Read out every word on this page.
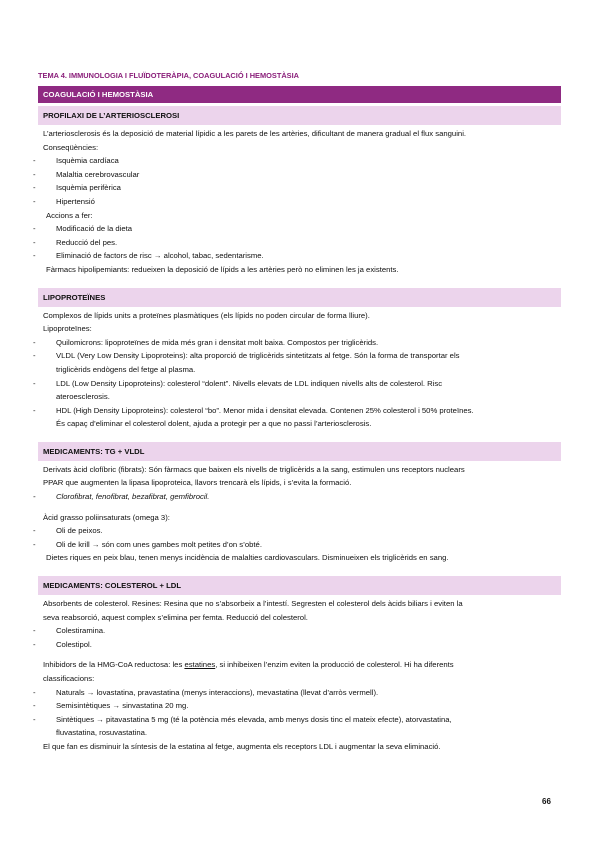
TEMA 4. IMMUNOLOGIA I FLUÏDOTERÀPIA, COAGULACIÓ I HEMOSTÀSIA
COAGULACIÓ I HEMOSTÀSIA
PROFILAXI DE L’ARTERIOSCLEROSI

L’arteriosclerosis és la deposició de material lípidic a les parets de les artèries, dificultant de manera gradual el flux sanguini.

Conseqüències:

-	Isquèmia cardíaca

-	Malaltia cerebrovascular

-	Isquèmia perifèrica

-	Hipertensió

Accions a fer:

-	Modificació de la dieta

-	Reducció del pes.

-	Eliminació de factors de risc → alcohol, tabac, sedentarisme.

Fàrmacs hipolipemiants: redueixen la deposició de lípids a les artèries però no eliminen les ja existents.

LIPOPROTEÏNES

Complexos de lípids units a proteïnes plasmàtiques (els lípids no poden circular de forma lliure).

Lipoproteïnes:

-	Quilomicrons: lipoproteïnes de mida més gran i densitat molt baixa. Compostos per triglicèrids.

-	VLDL (Very Low Density Lipoproteins): alta proporció de triglicèrids sintetitzats al fetge. Són la forma de transportar els
triglicèrids endògens del fetge al plasma.

-	LDL (Low Density Lipoproteins): colesterol “dolent”. Nivells elevats de LDL indiquen nivells alts de colesterol. Risc
ateroesclerosis.

-	HDL (High Density Lipoproteins): colesterol “bo”. Menor mida i densitat elevada. Contenen 25% colesterol i 50% proteïnes.
És capaç d’eliminar el colesterol dolent, ajuda a protegir per a que no passi l’arteriosclerosis.

MEDICAMENTS: TG + VLDL

Derivats àcid clofíbric (fibrats): Són fàrmacs que baixen els nivells de triglicèrids a la sang, estimulen uns receptors nuclears
PPAR que augmenten la lipasa lipoproteica, llavors trencarà els lípids, i s’evita la formació.

-	Clorofibrat, fenofibrat, bezafibrat, gemfibrocil.

Àcid grasso poliinsaturats (omega 3):

-	Oli de peixos.

-	Oli de krill → són com unes gambes molt petites d’on s’obté.

Dietes riques en peix blau, tenen menys incidència de malalties cardiovasculars. Disminueixen els triglicèrids en sang.

MEDICAMENTS: COLESTEROL + LDL

Absorbents de colesterol. Resines: Resina que no s’absorbeix a l’intestí. Segresten el colesterol dels àcids biliars i eviten la
seva reabsorció, aquest complex s’elimina per femta. Reducció del colesterol.

-	Colestiramina.

-	Colestipol.

Inhibidors de la HMG-CoA reductosa: les estatines, si inhibeixen l’enzim eviten la producció de colesterol. Hi ha diferents
classificacions:

-	Naturals → lovastatina, pravastatina (menys interaccions), mevastatina (llevat d’arròs vermell).

-	Semisintètiques → sinvastatina 20 mg.

-	Sintètiques → pitavastatina 5 mg (té la potència més elevada, amb menys dosis tinc el mateix efecte), atorvastatina,
fluvastatina, rosuvastatina.

El que fan es disminuir la síntesis de la estatina al fetge, augmenta els receptors LDL i augmentar la seva eliminació.

66
